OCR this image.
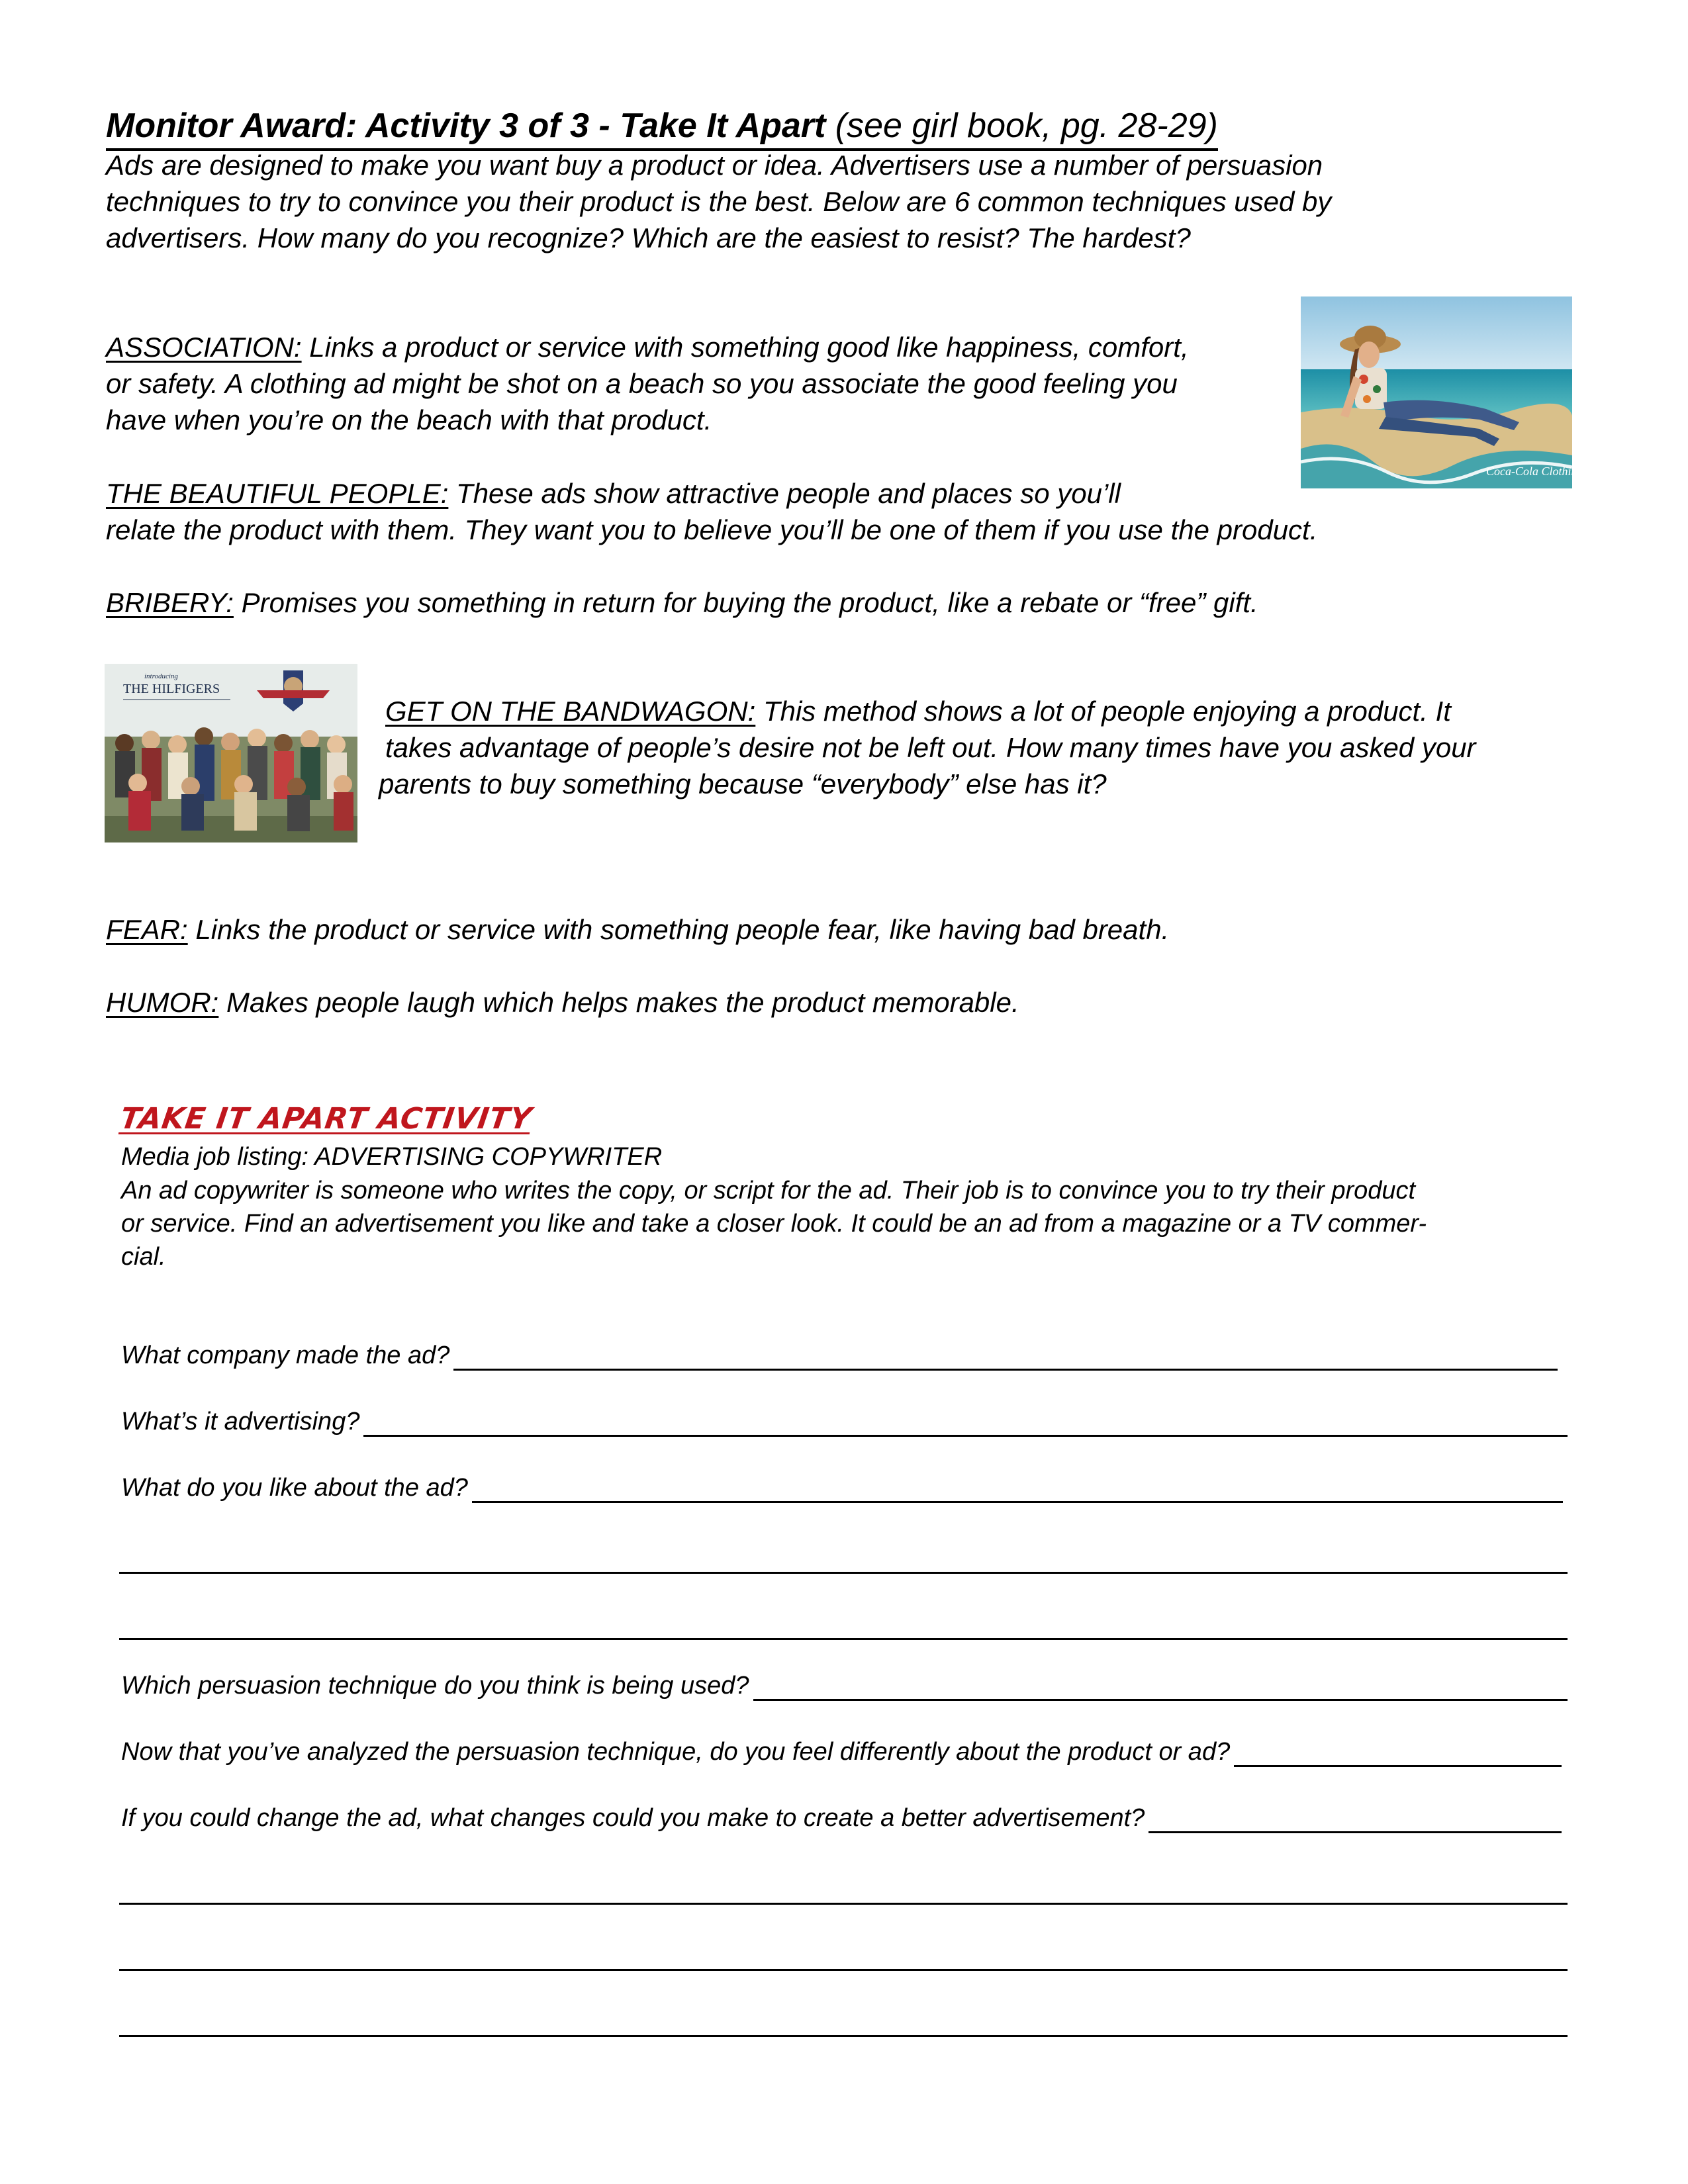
Monitor Award: Activity 3 of 3 - Take It Apart (see girl book, pg. 28-29)
Ads are designed to make you want buy a product or idea. Advertisers use a number of persuasion
techniques to try to convince you their product is the best. Below are 6 common techniques used by
advertisers. How many do you recognize? Which are the easiest to resist? The hardest?

ASSOCIATION: Links a product or service with something good like happiness, comfort,

or safety. A clothing ad might be shot on a beach so you associate the good feeling you

have when you’re on the beach with that product.

Coca-Cola Clothing

THE BEAUTIFUL PEOPLE: These ads show attractive people and places so you’ll

relate the product with them. They want you to believe you’ll be one of them if you use the product.

BRIBERY: Promises you something in return for buying the product, like a rebate or “free” gift.

introducing
THE HILFIGERS

GET ON THE BANDWAGON: This method shows a lot of people enjoying a product. It

takes advantage of people’s desire not be left out. How many times have you asked your

parents to buy something because “everybody” else has it?

FEAR: Links the product or service with something people fear, like having bad breath.

HUMOR: Makes people laugh which helps makes the product memorable.

TAKE IT APART ACTIVITY
Media job listing: ADVERTISING COPYWRITER
An ad copywriter is someone who writes the copy, or script for the ad. Their job is to convince you to try their product
or service. Find an advertisement you like and take a closer look. It could be an ad from a magazine or a TV commer-
cial.
What company made the ad?
What’s it advertising?
What do you like about the ad?
Which persuasion technique do you think is being used?
Now that you’ve analyzed the persuasion technique, do you feel differently about the product or ad?
If you could change the ad, what changes could you make to create a better advertisement?
